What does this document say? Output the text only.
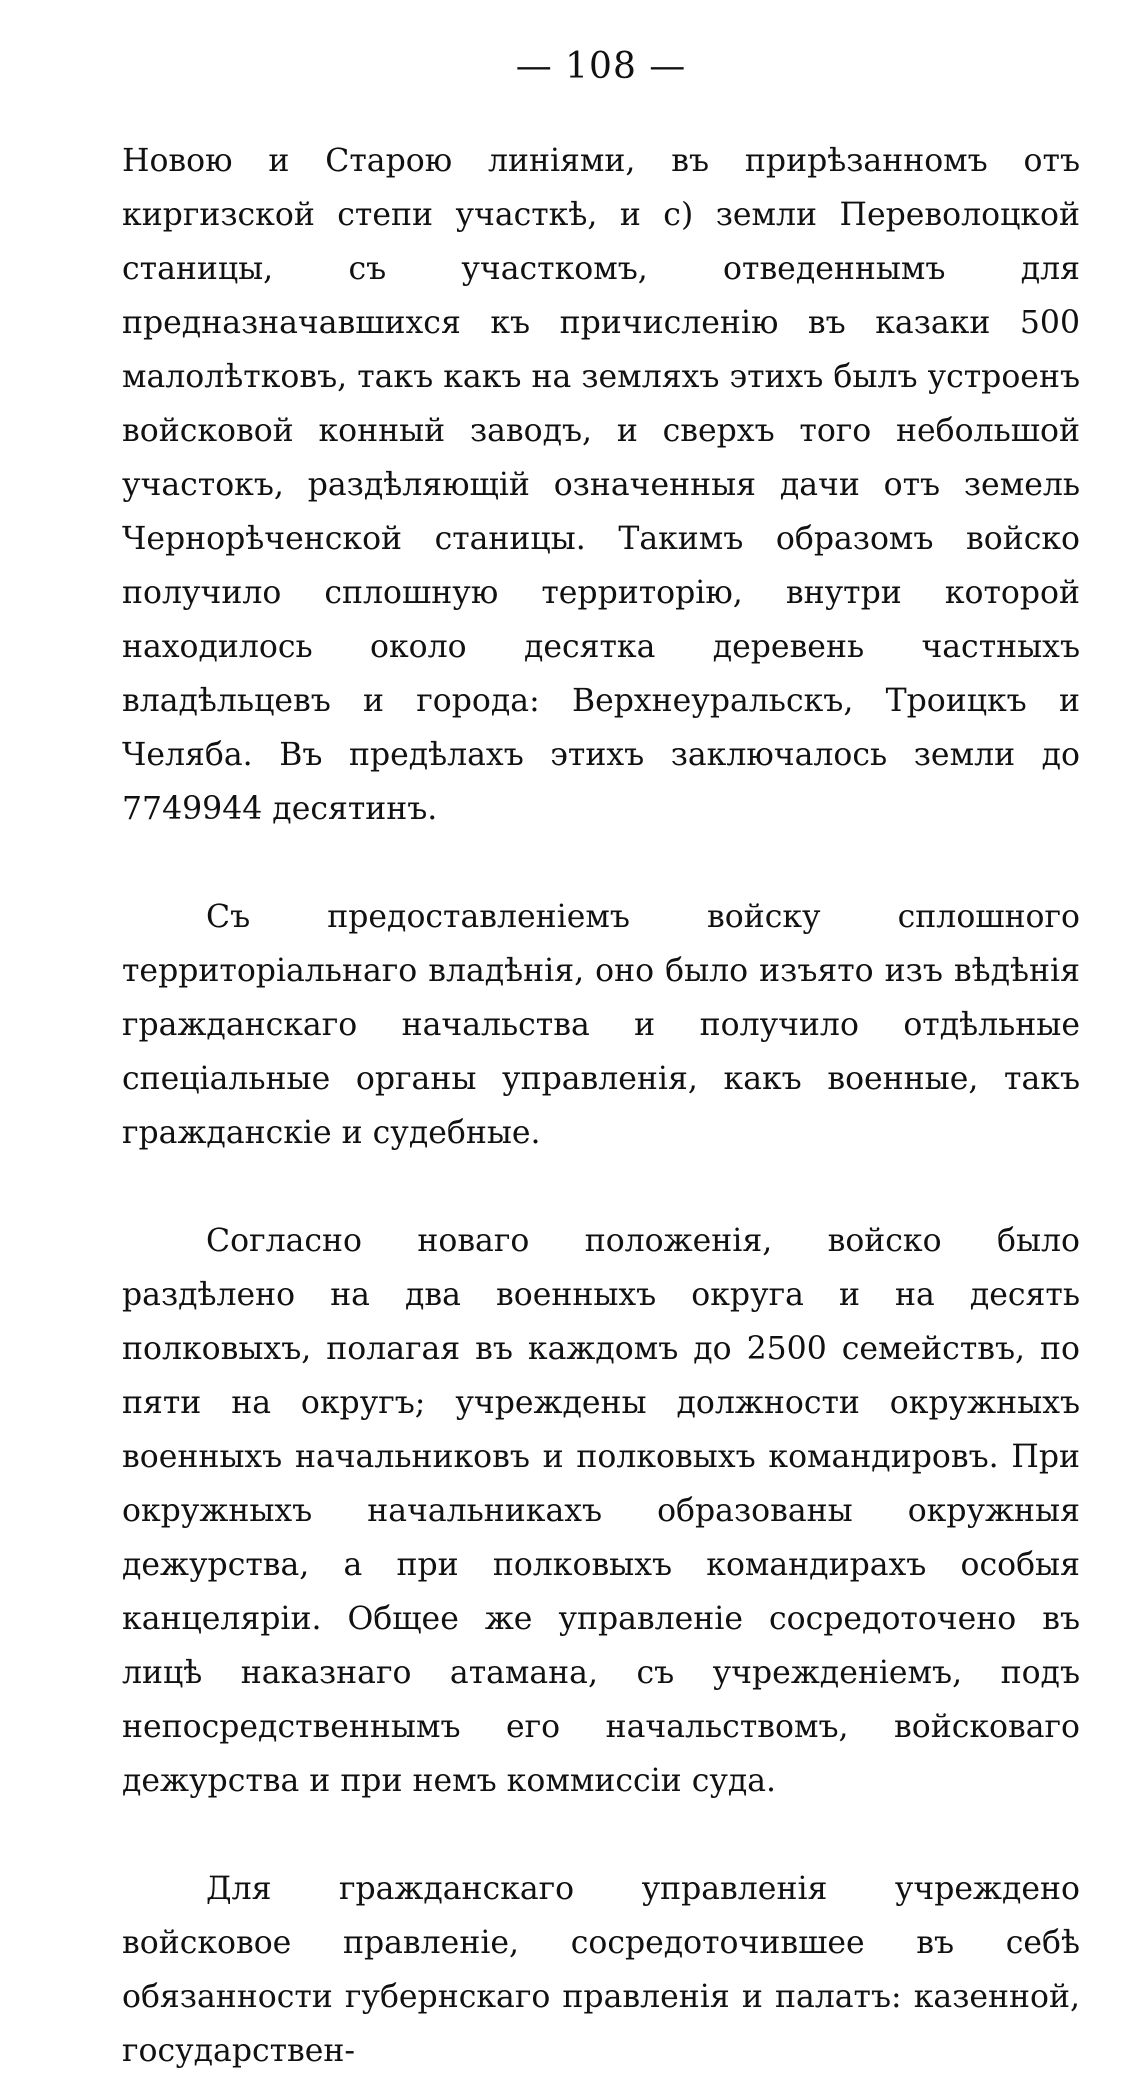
— 108 —

Новою и Старою линіями, въ прирѣзанномъ отъ киргизской степи участкѣ, и с) земли Переволоцкой станицы, съ участкомъ, отведеннымъ для предназначавшихся къ причисленію въ казаки 500 малолѣтковъ, такъ какъ на земляхъ этихъ былъ устроенъ войсковой конный заводъ, и сверхъ того небольшой участокъ, раздѣляющій означенныя дачи отъ земель Чернорѣченской станицы. Такимъ образомъ войско получило сплошную территорію, внутри которой находилось около десятка деревень частныхъ владѣльцевъ и города: Верхнеуральскъ, Троицкъ и Челяба. Въ предѣлахъ этихъ заключалось земли до 7749944 десятинъ.

Съ предоставленіемъ войску сплошного территоріальнаго владѣнія, оно было изъято изъ вѣдѣнія гражданскаго начальства и получило отдѣльные спеціальные органы управленія, какъ военные, такъ гражданскіе и судебные.

Согласно новаго положенія, войско было раздѣлено на два военныхъ округа и на десять полковыхъ, полагая въ каждомъ до 2500 семействъ, по пяти на округъ; учреждены должности окружныхъ военныхъ начальниковъ и полковыхъ командировъ. При окружныхъ начальникахъ образованы окружныя дежурства, а при полковыхъ командирахъ особыя канцеляріи. Общее же управленіе сосредоточено въ лицѣ наказнаго атамана, съ учрежденіемъ, подъ непосредственнымъ его начальствомъ, войсковаго дежурства и при немъ коммиссіи суда.

Для гражданскаго управленія учреждено войсковое правленіе, сосредоточившее въ себѣ обязанности губернскаго правленія и палатъ: казенной, государствен-
